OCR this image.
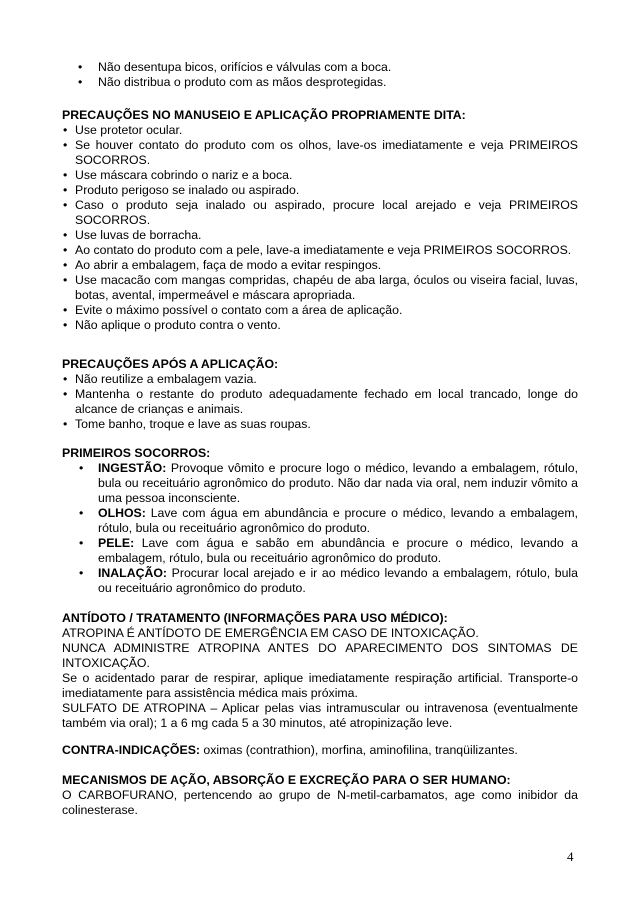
• Não desentupa bicos, orifícios e válvulas com a boca.
• Não distribua o produto com as mãos desprotegidas.
PRECAUÇÕES NO MANUSEIO E APLICAÇÃO PROPRIAMENTE DITA:
• Use protetor ocular.
• Se houver contato do produto com os olhos, lave-os imediatamente e veja PRIMEIROS SOCORROS.
• Use máscara cobrindo o nariz e a boca.
• Produto perigoso se inalado ou aspirado.
• Caso o produto seja inalado ou aspirado, procure local arejado e veja PRIMEIROS SOCORROS.
• Use luvas de borracha.
• Ao contato do produto com a pele, lave-a imediatamente e veja PRIMEIROS SOCORROS.
• Ao abrir a embalagem, faça de modo a evitar respingos.
• Use macacão com mangas compridas, chapéu de aba larga, óculos ou viseira facial, luvas, botas, avental, impermeável e máscara apropriada.
• Evite o máximo possível o contato com a área de aplicação.
• Não aplique o produto contra o vento.
PRECAUÇÕES APÓS A APLICAÇÃO:
• Não reutilize a embalagem vazia.
• Mantenha o restante do produto adequadamente fechado em local trancado, longe do alcance de crianças e animais.
• Tome banho, troque e lave as suas roupas.
PRIMEIROS SOCORROS:
• INGESTÃO: Provoque vômito e procure logo o médico, levando a embalagem, rótulo, bula ou receituário agronômico do produto. Não dar nada via oral, nem induzir vômito a uma pessoa inconsciente.
• OLHOS: Lave com água em abundância e procure o médico, levando a embalagem, rótulo, bula ou receituário agronômico do produto.
• PELE: Lave com água e sabão em abundância e procure o médico, levando a embalagem, rótulo, bula ou receituário agronômico do produto.
• INALAÇÃO: Procurar local arejado e ir ao médico levando a embalagem, rótulo, bula ou receituário agronômico do produto.
ANTÍDOTO / TRATAMENTO (INFORMAÇÕES PARA USO MÉDICO):
ATROPINA É ANTÍDOTO DE EMERGÊNCIA EM CASO DE INTOXICAÇÃO.
NUNCA ADMINISTRE ATROPINA ANTES DO APARECIMENTO DOS SINTOMAS DE INTOXICAÇÃO.
Se o acidentado parar de respirar, aplique imediatamente respiração artificial. Transporte-o imediatamente para assistência médica mais próxima.
SULFATO DE ATROPINA – Aplicar pelas vias intramuscular ou intravenosa (eventualmente também via oral); 1 a 6 mg cada 5 a 30 minutos, até atropinização leve.
CONTRA-INDICAÇÕES: oximas (contrathion), morfina, aminofilina, tranqüilizantes.
MECANISMOS DE AÇÃO, ABSORÇÃO E EXCREÇÃO PARA O SER HUMANO:
O CARBOFURANO, pertencendo ao grupo de N-metil-carbamatos, age como inibidor da colinesterase.
4
